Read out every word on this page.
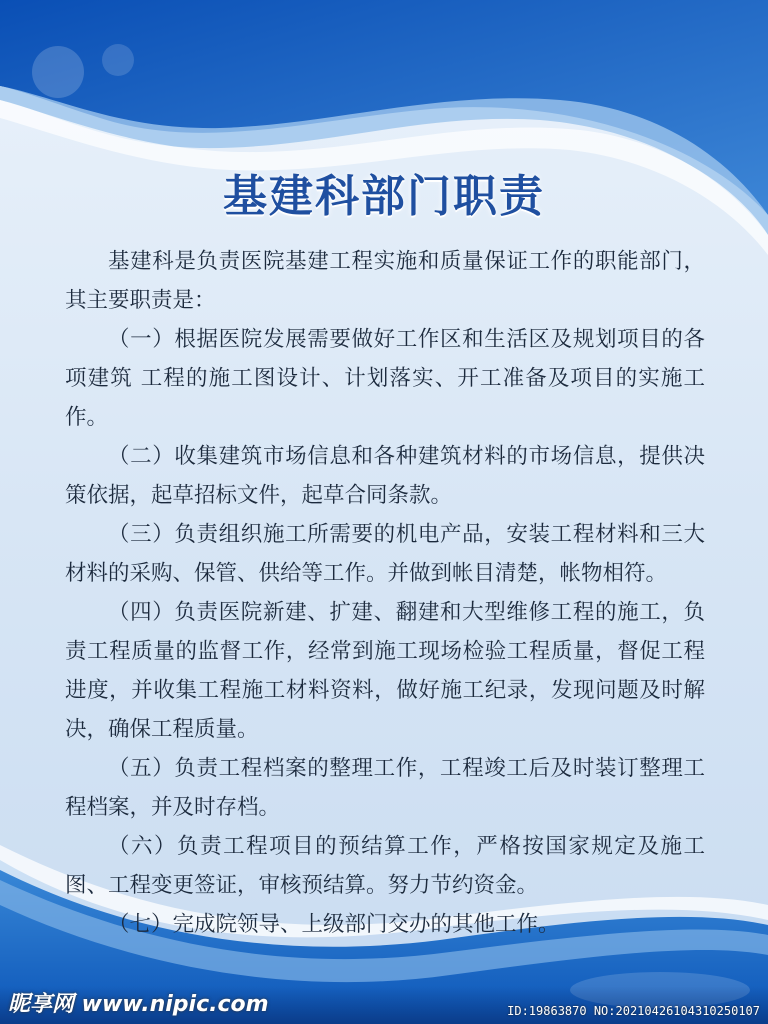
基建科部门职责

基建科是负责医院基建工程实施和质量保证工作的职能部门，其主要职责是：

（一）根据医院发展需要做好工作区和生活区及规划项目的各项建筑 工程的施工图设计、计划落实、开工准备及项目的实施工作。

（二）收集建筑市场信息和各种建筑材料的市场信息，提供决策依据，起草招标文件，起草合同条款。

（三）负责组织施工所需要的机电产品，安装工程材料和三大材料的采购、保管、供给等工作。并做到帐目清楚，帐物相符。

（四）负责医院新建、扩建、翻建和大型维修工程的施工，负责工程质量的监督工作，经常到施工现场检验工程质量，督促工程进度，并收集工程施工材料资料，做好施工纪录，发现问题及时解决，确保工程质量。

（五）负责工程档案的整理工作，工程竣工后及时装订整理工程档案，并及时存档。

（六）负责工程项目的预结算工作，严格按国家规定及施工图、工程变更签证，审核预结算。努力节约资金。

（七）完成院领导、上级部门交办的其他工作。

昵享网 www.nipic.com	ID:19863870 NO:20210426104310250107
